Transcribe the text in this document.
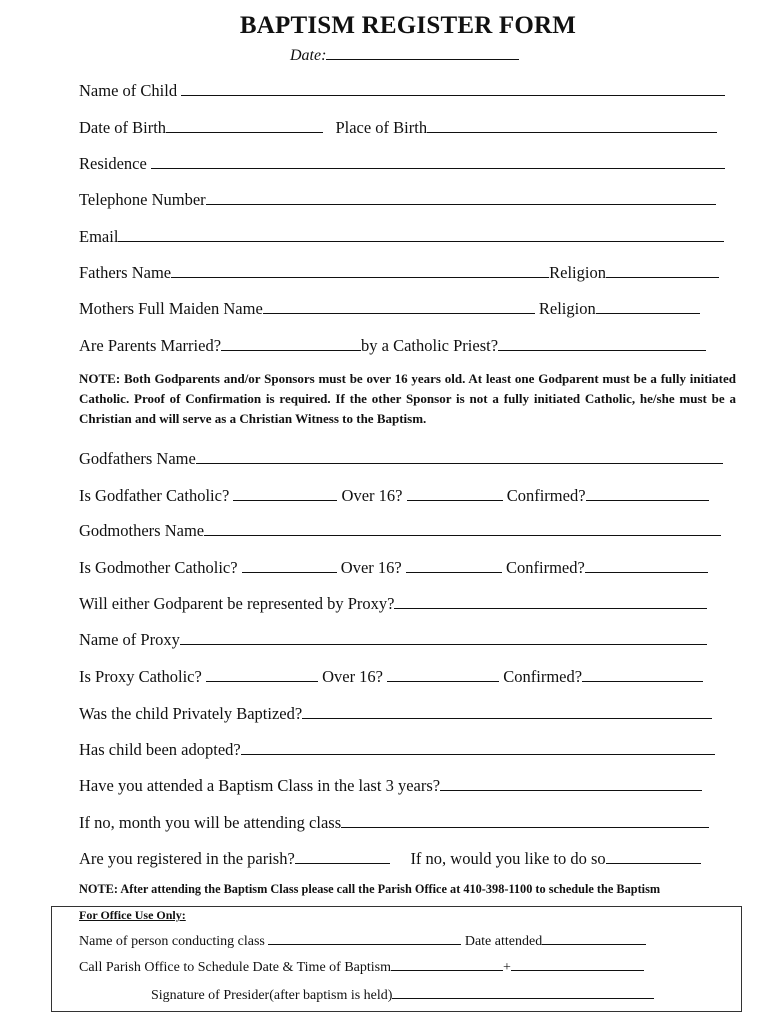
BAPTISM REGISTER FORM
Date:
Name of Child
Date of Birth	Place of Birth
Residence
Telephone Number
Email
Fathers Name	Religion
Mothers Full Maiden Name	Religion
Are Parents Married?	by a Catholic Priest?
NOTE: Both Godparents and/or Sponsors must be over 16 years old. At least one Godparent must be a fully initiated Catholic. Proof of Confirmation is required. If the other Sponsor is not a fully initiated Catholic, he/she must be a Christian and will serve as a Christian Witness to the Baptism.
Godfathers Name
Is Godfather Catholic?	Over 16?	Confirmed?
Godmothers Name
Is Godmother Catholic?	Over 16?	Confirmed?
Will either Godparent be represented by Proxy?
Name of Proxy
Is Proxy Catholic?	Over 16?	Confirmed?
Was the child Privately Baptized?
Has child been adopted?
Have you attended a Baptism Class in the last 3 years?
If no, month you will be attending class
Are you registered in the parish?	If no, would you like to do so
NOTE: After attending the Baptism Class please call the Parish Office at 410-398-1100 to schedule the Baptism
For Office Use Only:
Name of person conducting class	Date attended
Call Parish Office to Schedule Date & Time of Baptism	+
Signature of Presider(after baptism is held)
